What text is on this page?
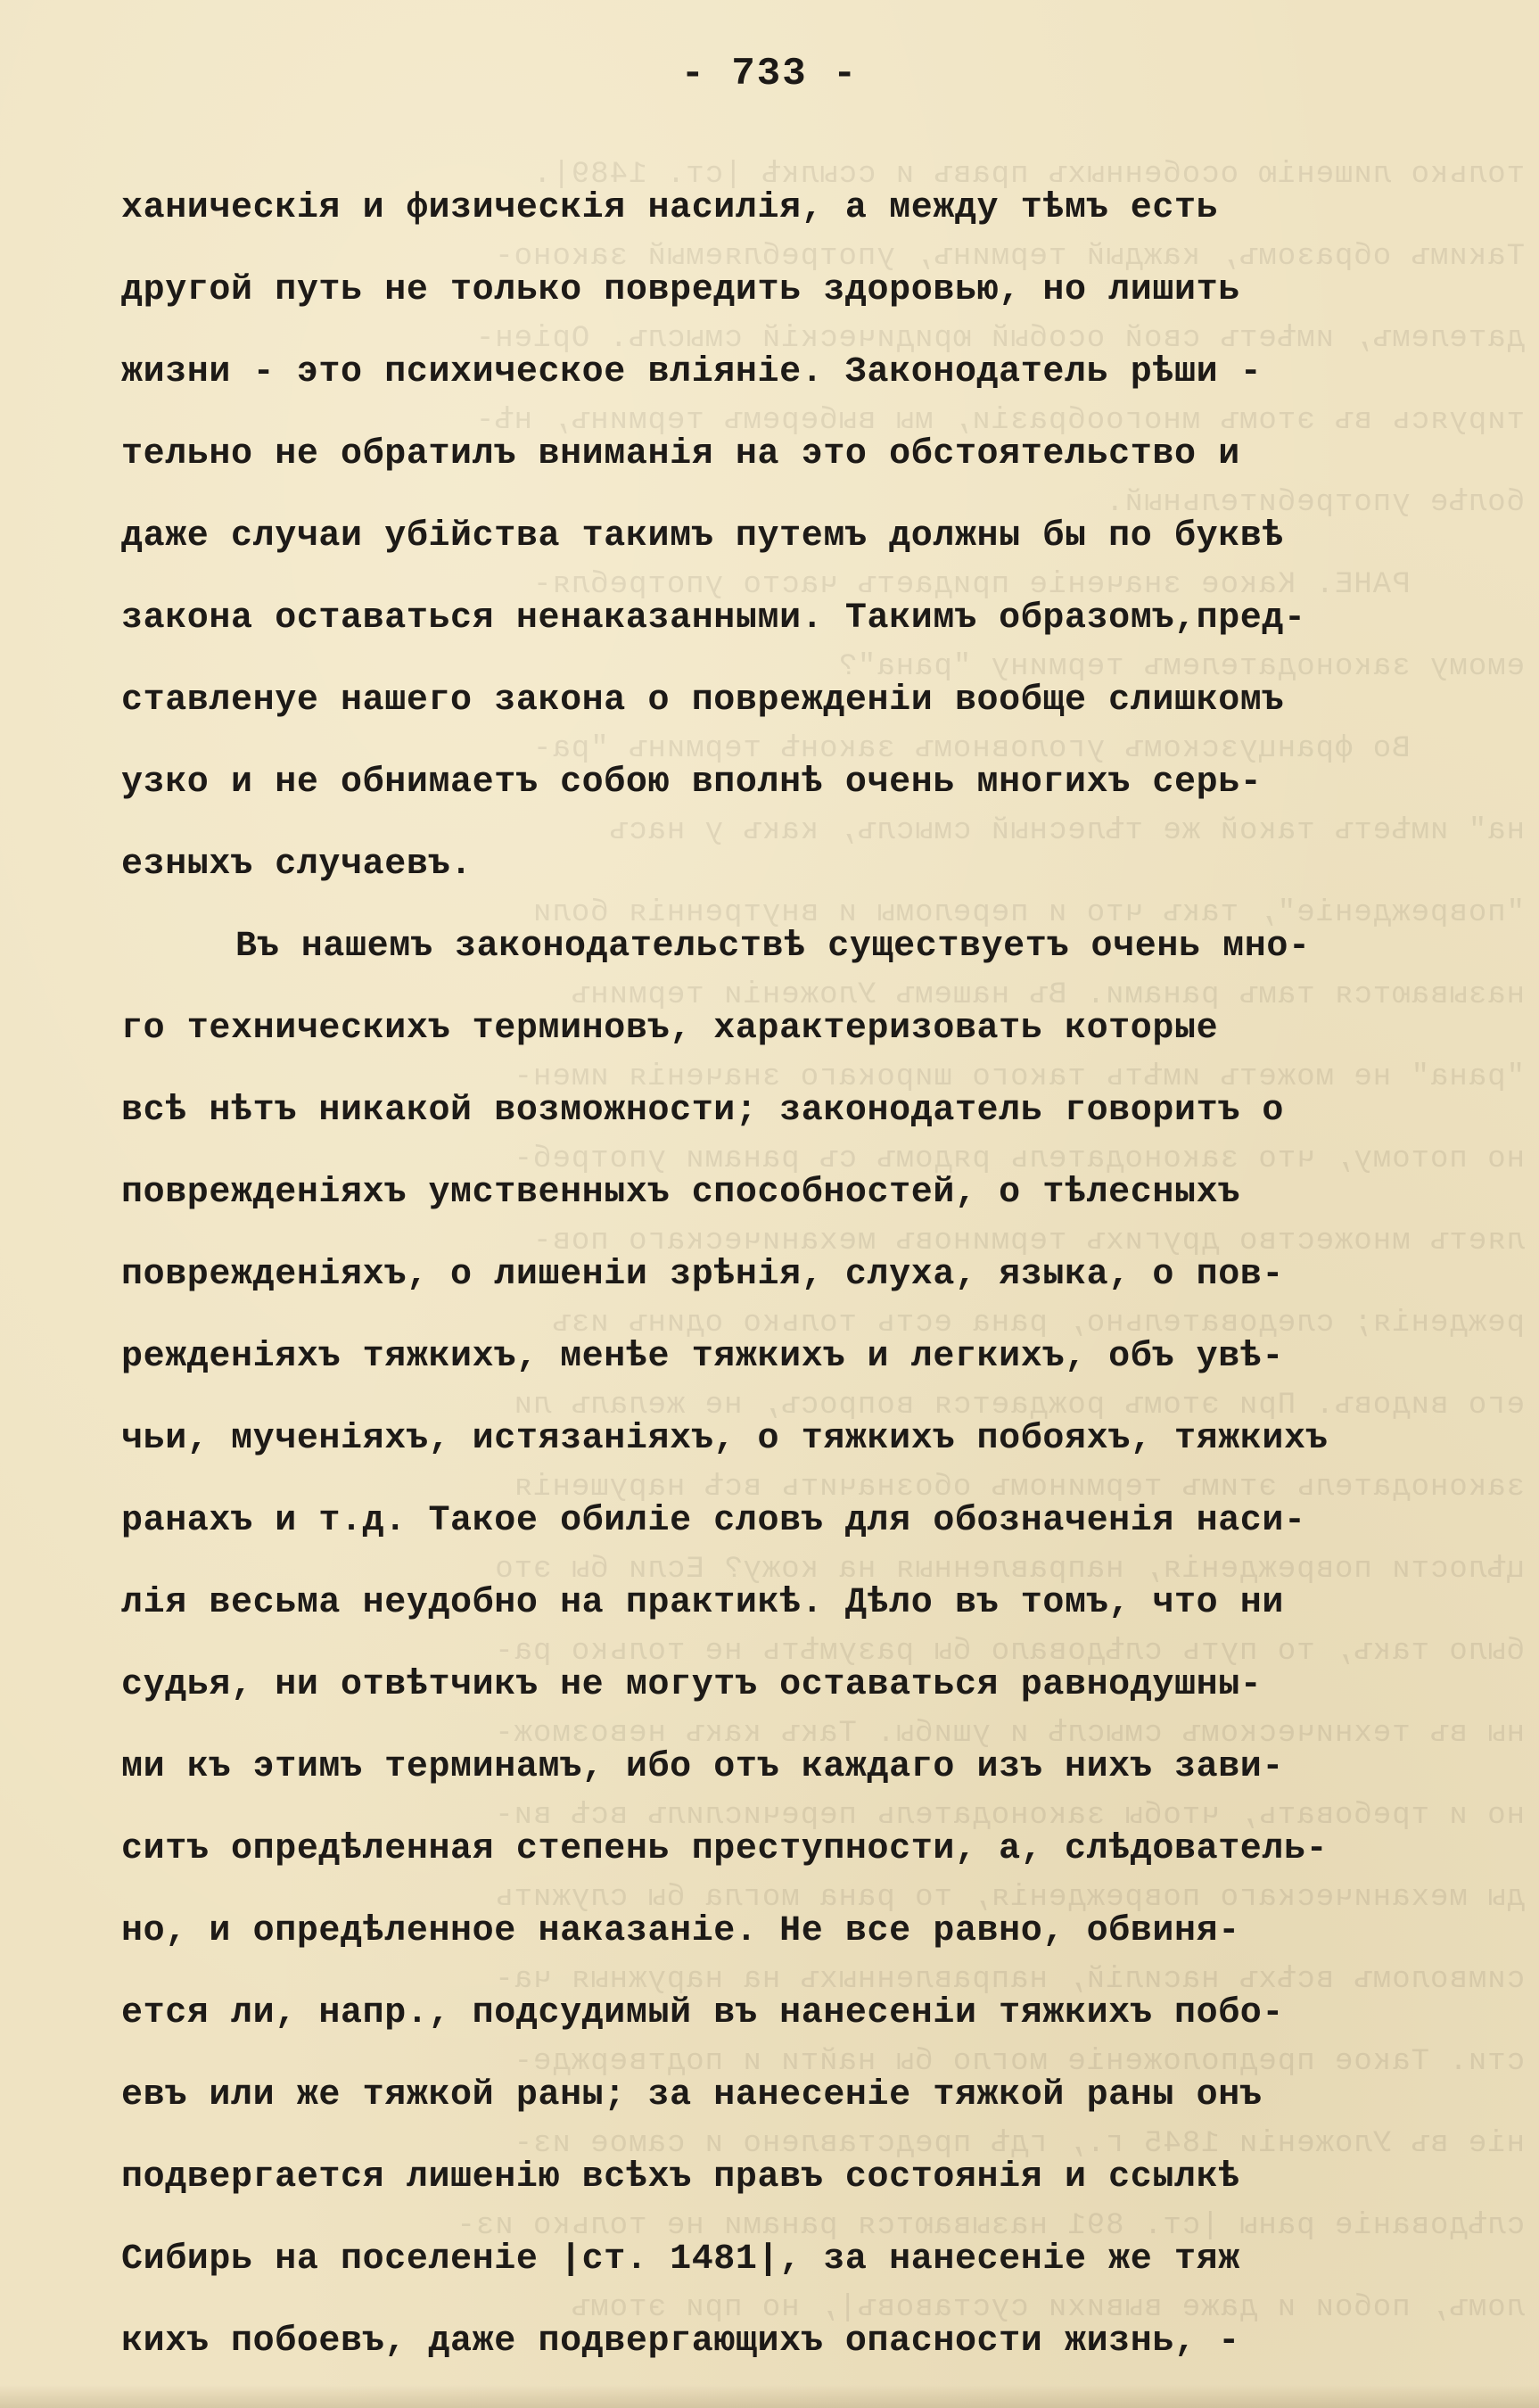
только лишенію особенныхъ правъ и ссылкѣ |ст. 1489|.
Такимъ образомъ, каждый терминъ, употребляемый законо-
дателемъ, имѣетъ свой особый юридическій смыслъ. Оріен-
тируясь въ этомъ многообразіи, мы выберемъ терминъ, нѣ-
болѣе употребительный.
РАНЕ. Какое значеніе придаетъ часто употребля-
емому законодателемъ термину "рана"?
Во французскомъ уголовномъ законѣ терминъ "ра-
на" имѣетъ такой же тѣлесный смыслъ, какъ у насъ
"поврежденіе", такъ что и переломы и внутреннія боли
называются тамъ ранами. Въ нашемъ Уложеніи терминъ
"рана" не можетъ имѣть такого широкаго значенія имен-
но потому, что законодатель рядомъ съ ранами употреб-
ляетъ множество другихъ терминовъ механическаго пов-
режденія; следовательно, рана есть только одинъ изъ
его видовъ. При этомъ рождается вопросъ, не желалъ ли
законодатель этимъ терминомъ обозначить всѣ нарушенія
цѣлости поврежденія, направленныя на кожу? Если бы это
было такъ, то путь слѣдовало бы разумѣть не только ра-
ны въ техническомъ смыслѣ и ушибы. Такъ какъ невозмож-
но и требовать, чтобы законодатель перечислилъ всѣ ви-
ды механическаго поврежденія, то рана могла бы служить
символомъ всѣхъ насилій, направленныхъ на наружныя ча-
сти. Такое предположеніе могло бы найти и подтвержде-
ніе въ Уложеніи 1845 г., гдѣ представлено и самое из-
слѣдованіе раны |ст. 891 называются ранами не только из-
ломъ, побои и даже вывихи суставовъ|, но при этомъ
- 733 -
ханическія и физическія насилія, а между тѣмъ есть
другой путь не только повредить здоровью, но лишить
жизни - это психическое вліяніе. Законодатель рѣши -
тельно не обратилъ вниманія на это обстоятельство и
даже случаи убійства такимъ путемъ должны бы по буквѣ
закона оставаться ненаказанными. Такимъ образомъ,пред-
ставленуе нашего закона о поврежденіи вообще слишкомъ
узко и не обнимаетъ собою вполнѣ очень многихъ серь-
езныхъ случаевъ.
Въ нашемъ законодательствѣ существуетъ очень мно-
го техническихъ терминовъ, характеризовать которые
всѣ нѣтъ никакой возможности; законодатель говоритъ о
поврежденіяхъ умственныхъ способностей, о тѣлесныхъ
поврежденіяхъ, о лишеніи зрѣнія, слуха, языка, о пов-
режденіяхъ тяжкихъ, менѣе тяжкихъ и легкихъ, объ увѣ-
чьи, мученіяхъ, истязаніяхъ, о тяжкихъ побояхъ, тяжкихъ
ранахъ и т.д. Такое обиліе словъ для обозначенія наси-
лія весьма неудобно на практикѣ. Дѣло въ томъ, что ни
судья, ни отвѣтчикъ не могутъ оставаться равнодушны-
ми къ этимъ терминамъ, ибо отъ каждаго изъ нихъ зави-
ситъ опредѣленная степень преступности, а, слѣдователь-
но, и опредѣленное наказаніе. Не все равно, обвиня-
ется ли, напр., подсудимый въ нанесеніи тяжкихъ побо-
евъ или же тяжкой раны; за нанесеніе тяжкой раны онъ
подвергается лишенію всѣхъ правъ состоянія и ссылкѣ
Сибирь на поселеніе |ст. 1481|, за нанесеніе же тяж
кихъ побоевъ, даже подвергающихъ опасности жизнь, -
